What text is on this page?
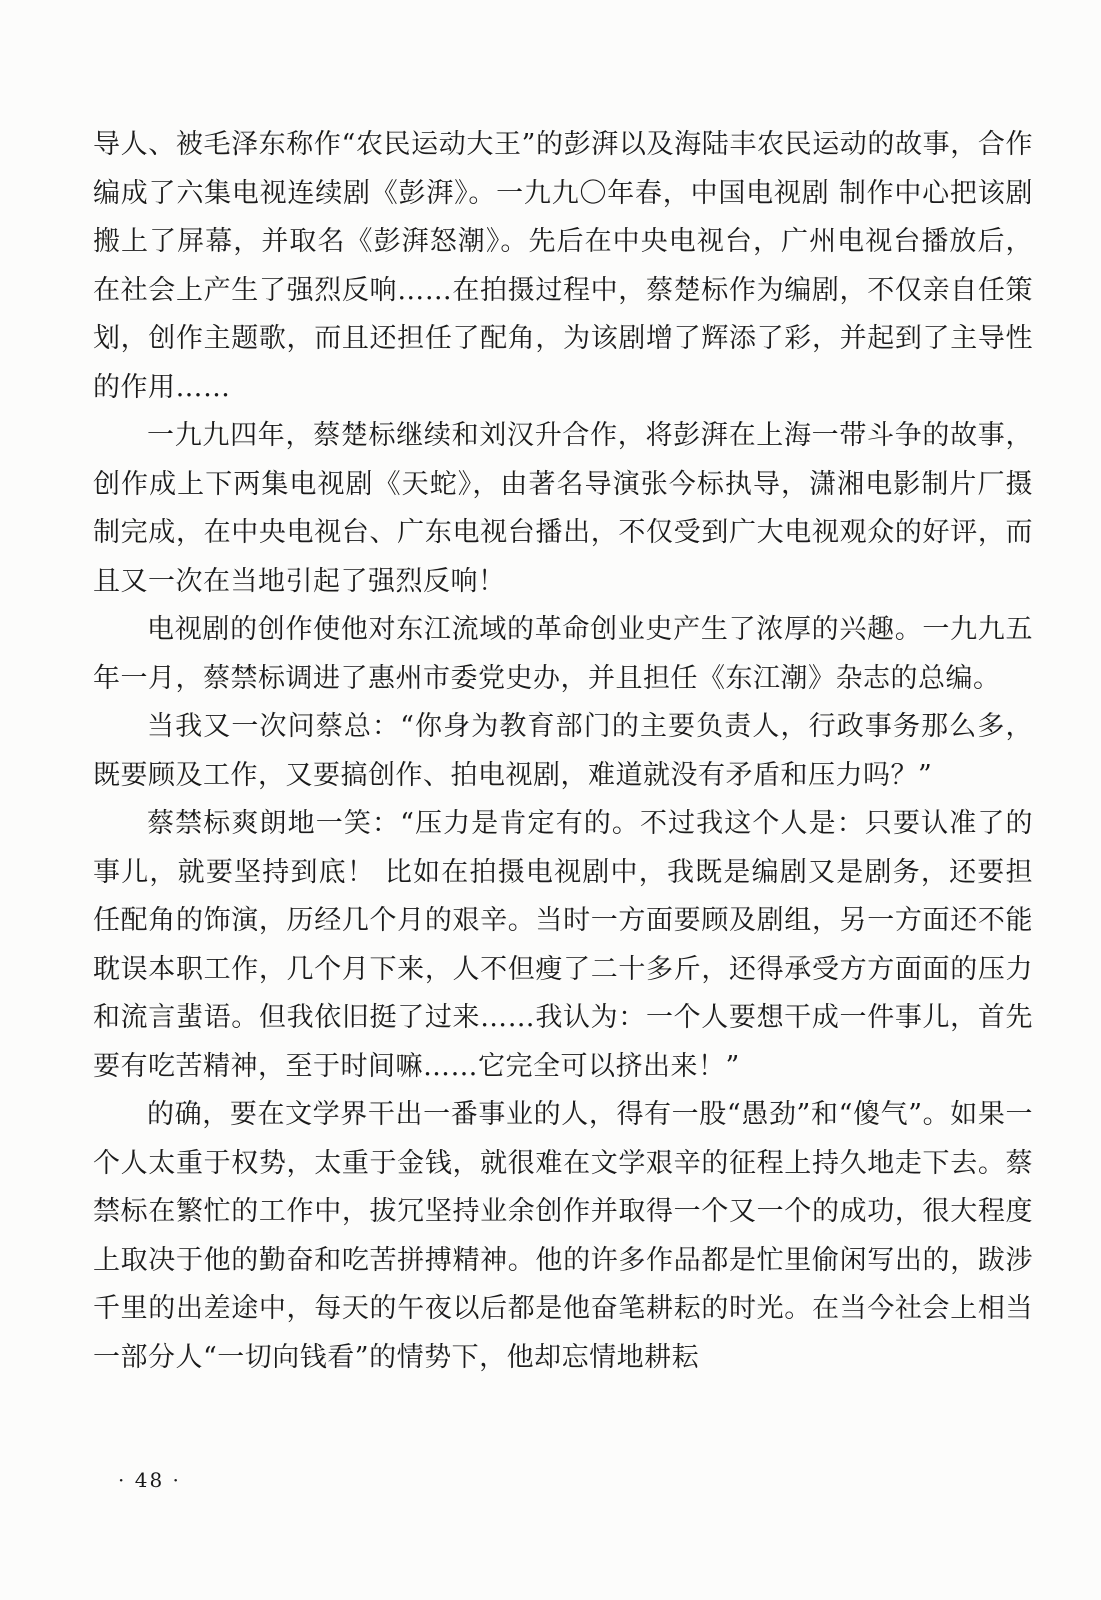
导人、被毛泽东称作“农民运动大王”的彭湃以及海陆丰农民运动的故事，合作编成了六集电视连续剧《彭湃》。一九九〇年春，中国电视剧 制作中心把该剧搬上了屏幕，并取名《彭湃怒潮》。先后在中央电视台，广州电视台播放后，在社会上产生了强烈反响……在拍摄过程中，蔡楚标作为编剧，不仅亲自任策划，创作主题歌，而且还担任了配角，为该剧增了辉添了彩，并起到了主导性的作用……

一九九四年，蔡楚标继续和刘汉升合作，将彭湃在上海一带斗争的故事，创作成上下两集电视剧《天蛇》，由著名导演张今标执导，潇湘电影制片厂摄制完成，在中央电视台、广东电视台播出，不仅受到广大电视观众的好评，而且又一次在当地引起了强烈反响！

电视剧的创作使他对东江流域的革命创业史产生了浓厚的兴趣。一九九五年一月，蔡禁标调进了惠州市委党史办，并且担任《东江潮》杂志的总编。

当我又一次问蔡总：“你身为教育部门的主要负责人，行政事务那么多，既要顾及工作，又要搞创作、拍电视剧，难道就没有矛盾和压力吗？”

蔡禁标爽朗地一笑：“压力是肯定有的。不过我这个人是：只要认准了的事儿，就要坚持到底！ 比如在拍摄电视剧中，我既是编剧又是剧务，还要担任配角的饰演，历经几个月的艰辛。当时一方面要顾及剧组，另一方面还不能耽误本职工作，几个月下来，人不但瘦了二十多斤，还得承受方方面面的压力和流言蜚语。但我依旧挺了过来……我认为：一个人要想干成一件事儿，首先要有吃苦精神，至于时间嘛……它完全可以挤出来！”

的确，要在文学界干出一番事业的人，得有一股“愚劲”和“傻气”。如果一个人太重于权势，太重于金钱，就很难在文学艰辛的征程上持久地走下去。蔡禁标在繁忙的工作中，拔冗坚持业余创作并取得一个又一个的成功，很大程度上取决于他的勤奋和吃苦拼搏精神。他的许多作品都是忙里偷闲写出的，跋涉千里的出差途中，每天的午夜以后都是他奋笔耕耘的时光。在当今社会上相当一部分人“一切向钱看”的情势下，他却忘情地耕耘

· 48 ·
